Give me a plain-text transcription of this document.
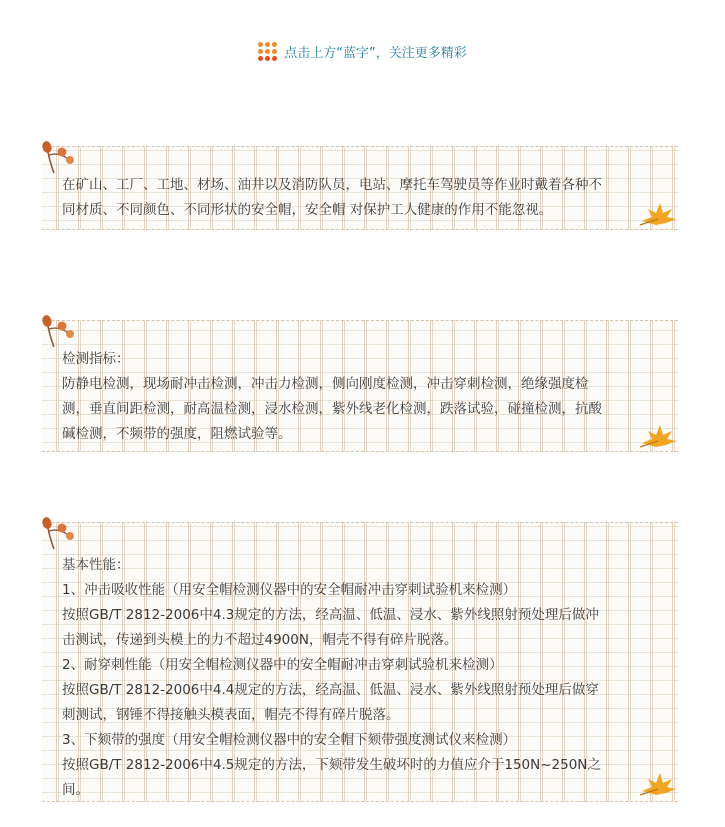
点击上方“蓝字”，关注更多精彩

在矿山、工厂、工地、材场、油井以及消防队员，电站、摩托车驾驶员等作业时戴着各种不

同材质、不同颜色、不同形状的安全帽，安全帽 对保护工人健康的作用不能忽视。

检测指标：

防静电检测，现场耐冲击检测，冲击力检测，侧向刚度检测，冲击穿刺检测，绝缘强度检

测，垂直间距检测，耐高温检测，浸水检测，紫外线老化检测，跌落试验，碰撞检测，抗酸

碱检测，不频带的强度，阻燃试验等。

基本性能：

1、冲击吸收性能（用安全帽检测仪器中的安全帽耐冲击穿刺试验机来检测）

按照GB/T 2812-2006中4.3规定的方法，经高温、低温、浸水、紫外线照射预处理后做冲

击测试，传递到头模上的力不超过4900N，帽壳不得有碎片脱落。

2、耐穿刺性能（用安全帽检测仪器中的安全帽耐冲击穿刺试验机来检测）

按照GB/T 2812-2006中4.4规定的方法，经高温、低温、浸水、紫外线照射预处理后做穿

刺测试，钢锤不得接触头模表面，帽壳不得有碎片脱落。

3、下颏带的强度（用安全帽检测仪器中的安全帽下颏带强度测试仪来检测）

按照GB/T 2812-2006中4.5规定的方法，下颏带发生破坏时的力值应介于150N~250N之

间。
